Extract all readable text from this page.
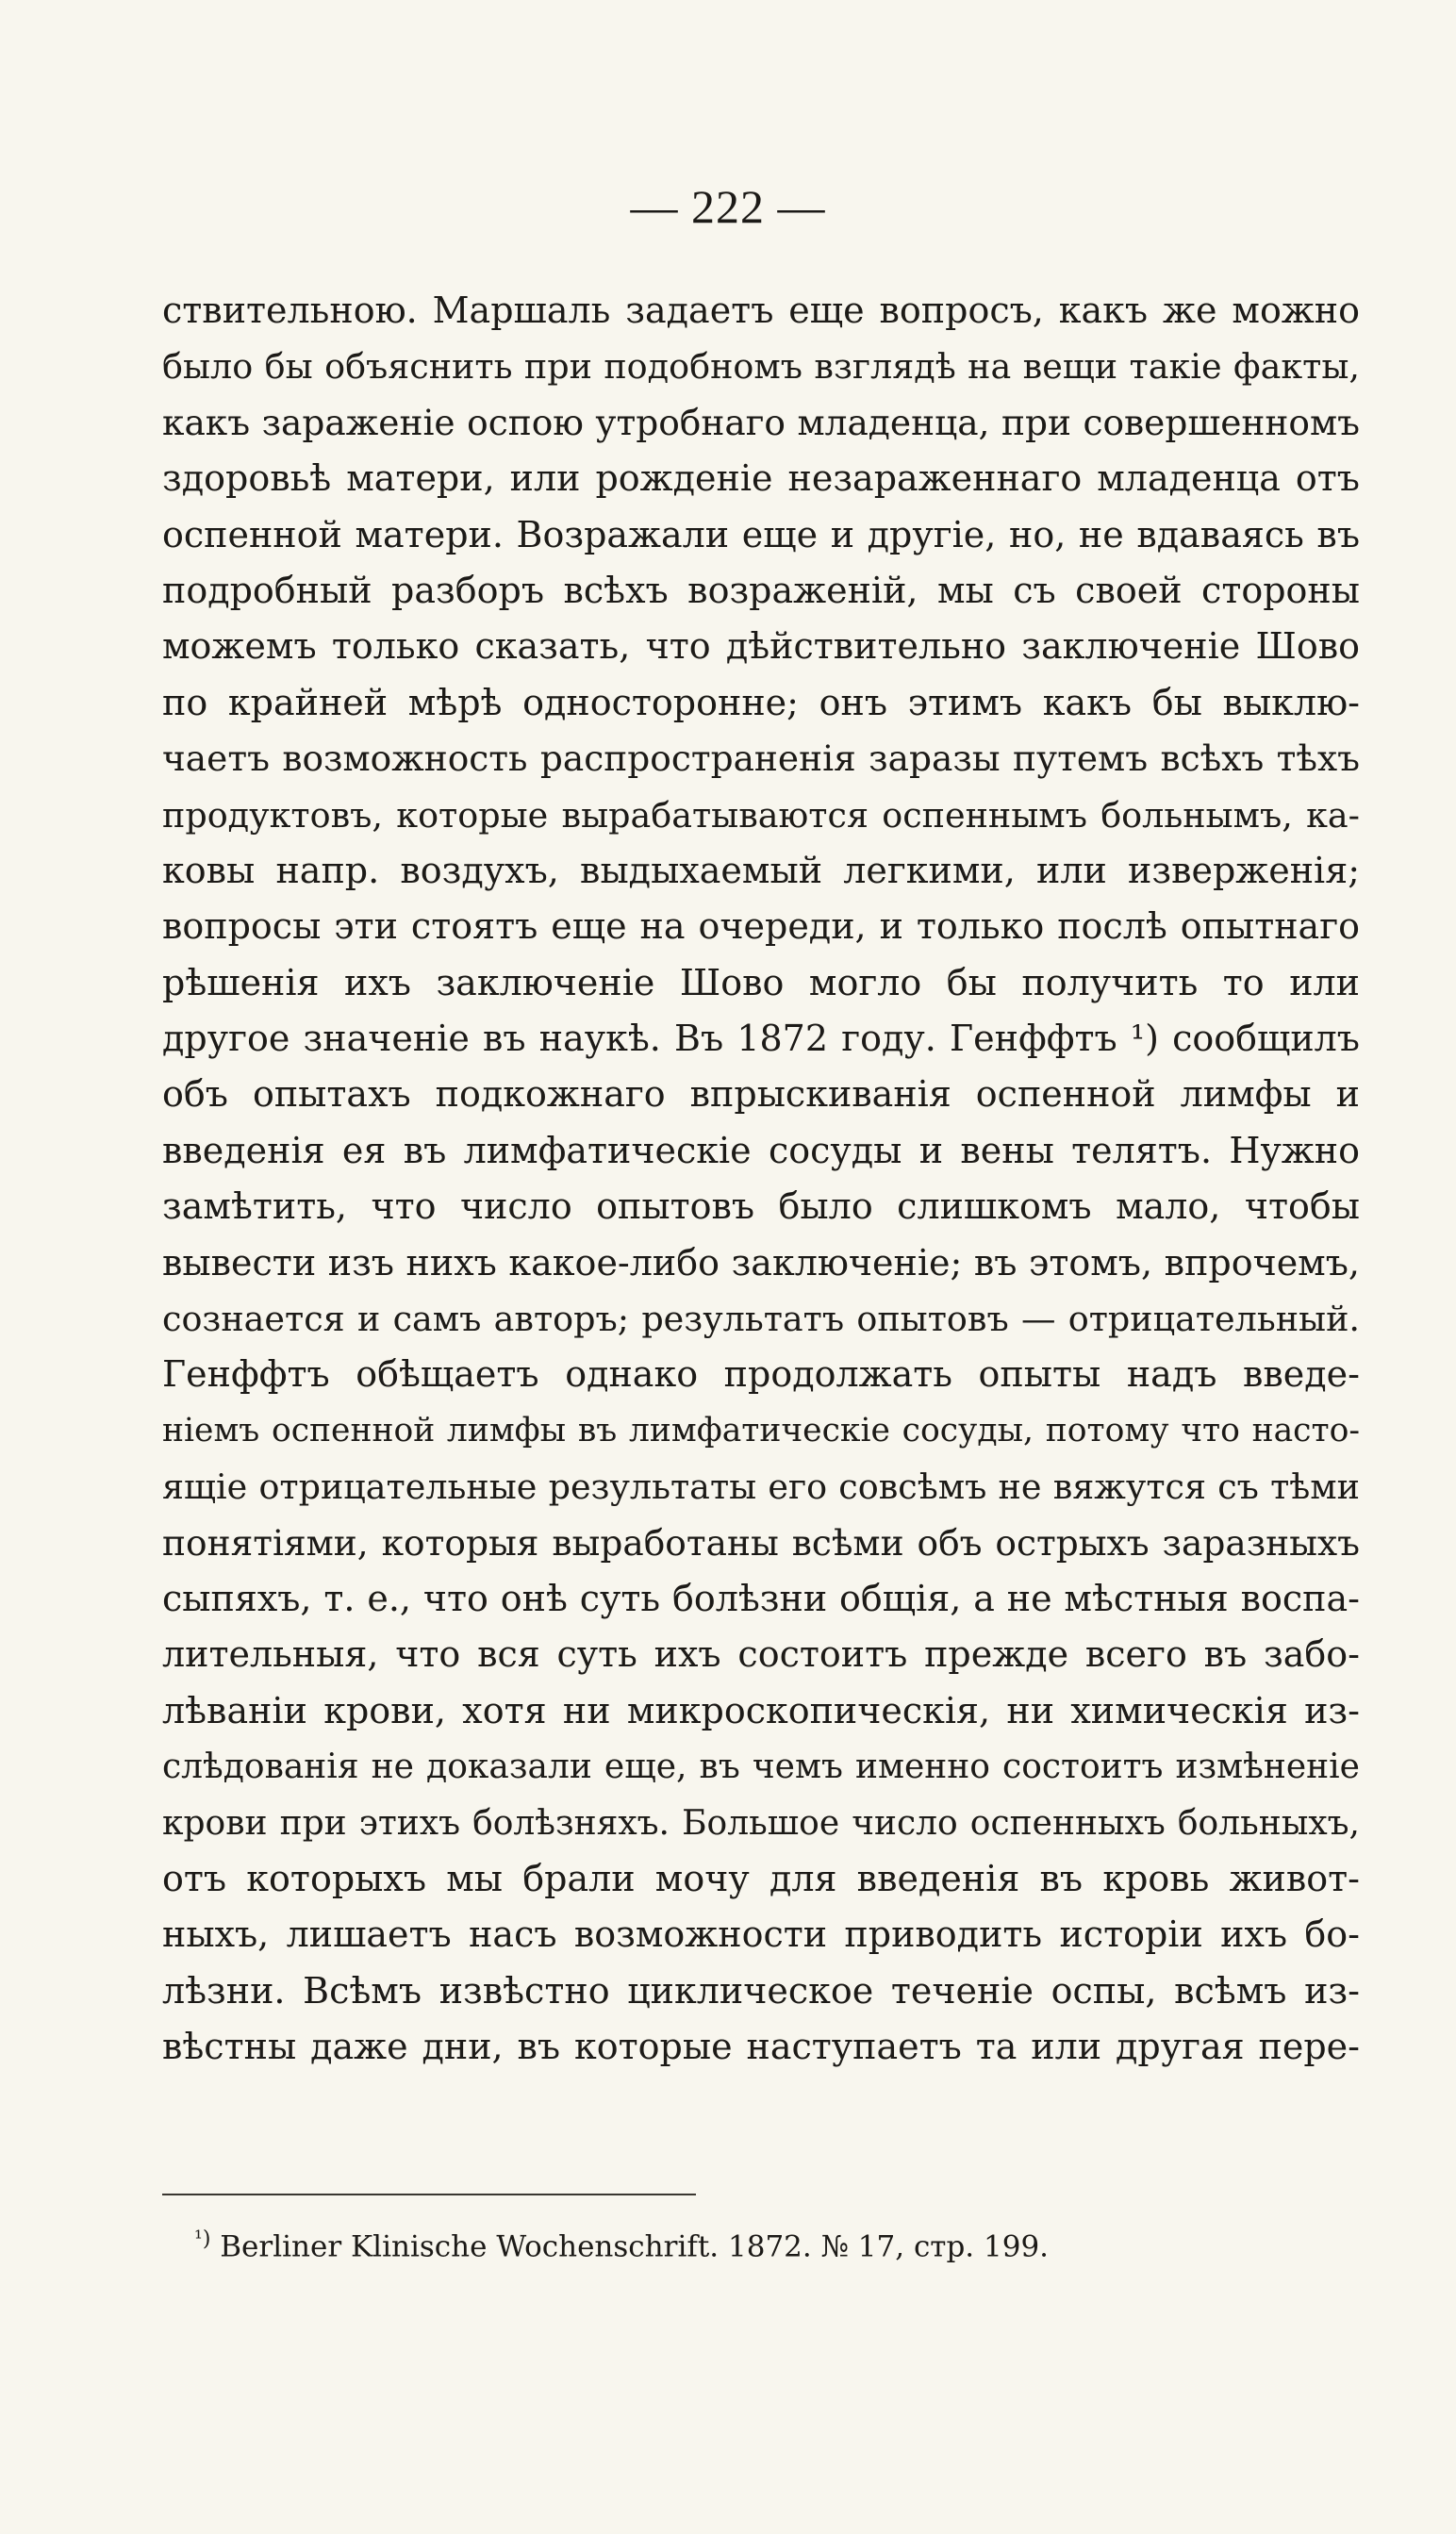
— 222 —
ствительною. Маршаль задаетъ еще вопросъ, какъ же можно
было бы объяснить при подобномъ взглядѣ на вещи такіе факты,
какъ зараженіе оспою утробнаго младенца, при совершенномъ
здоровьѣ матери, или рожденіе незараженнаго младенца отъ
оспенной матери. Возражали еще и другіе, но, не вдаваясь въ
подробный разборъ всѣхъ возраженій, мы съ своей стороны
можемъ только сказать, что дѣйствительно заключеніе Шово
по крайней мѣрѣ односторонне; онъ этимъ какъ бы выклю-
чаетъ возможность распространенія заразы путемъ всѣхъ тѣхъ
продуктовъ, которые вырабатываются оспеннымъ больнымъ, ка-
ковы напр. воздухъ, выдыхаемый легкими, или изверженія;
вопросы эти стоятъ еще на очереди, и только послѣ опытнаго
рѣшенія ихъ заключеніе Шово могло бы получить то или
другое значеніе въ наукѣ. Въ 1872 году. Генффтъ ¹) сообщилъ
объ опытахъ подкожнаго впрыскиванія оспенной лимфы и
введенія ея въ лимфатическіе сосуды и вены телятъ. Нужно
замѣтить, что число опытовъ было слишкомъ мало, чтобы
вывести изъ нихъ какое-либо заключеніе; въ этомъ, впрочемъ,
сознается и самъ авторъ; результатъ опытовъ — отрицательный.
Генффтъ обѣщаетъ однако продолжать опыты надъ введе-
ніемъ оспенной лимфы въ лимфатическіе сосуды, потому что насто-
ящіе отрицательные результаты его совсѣмъ не вяжутся съ тѣми
понятіями, которыя выработаны всѣми объ острыхъ заразныхъ
сыпяхъ, т. е., что онѣ суть болѣзни общія, а не мѣстныя воспа-
лительныя, что вся суть ихъ состоитъ прежде всего въ забо-
лѣваніи крови, хотя ни микроскопическія, ни химическія из-
слѣдованія не доказали еще, въ чемъ именно состоитъ измѣненіе
крови при этихъ болѣзняхъ. Большое число оспенныхъ больныхъ,
отъ которыхъ мы брали мочу для введенія въ кровь живот-
ныхъ, лишаетъ насъ возможности приводить исторіи ихъ бо-
лѣзни. Всѣмъ извѣстно циклическое теченіе оспы, всѣмъ из-
вѣстны даже дни, въ которые наступаетъ та или другая пере-
$^{^1)}$ Berliner Klinische Wochenschrift. 1872. № 17, стр. 199.
